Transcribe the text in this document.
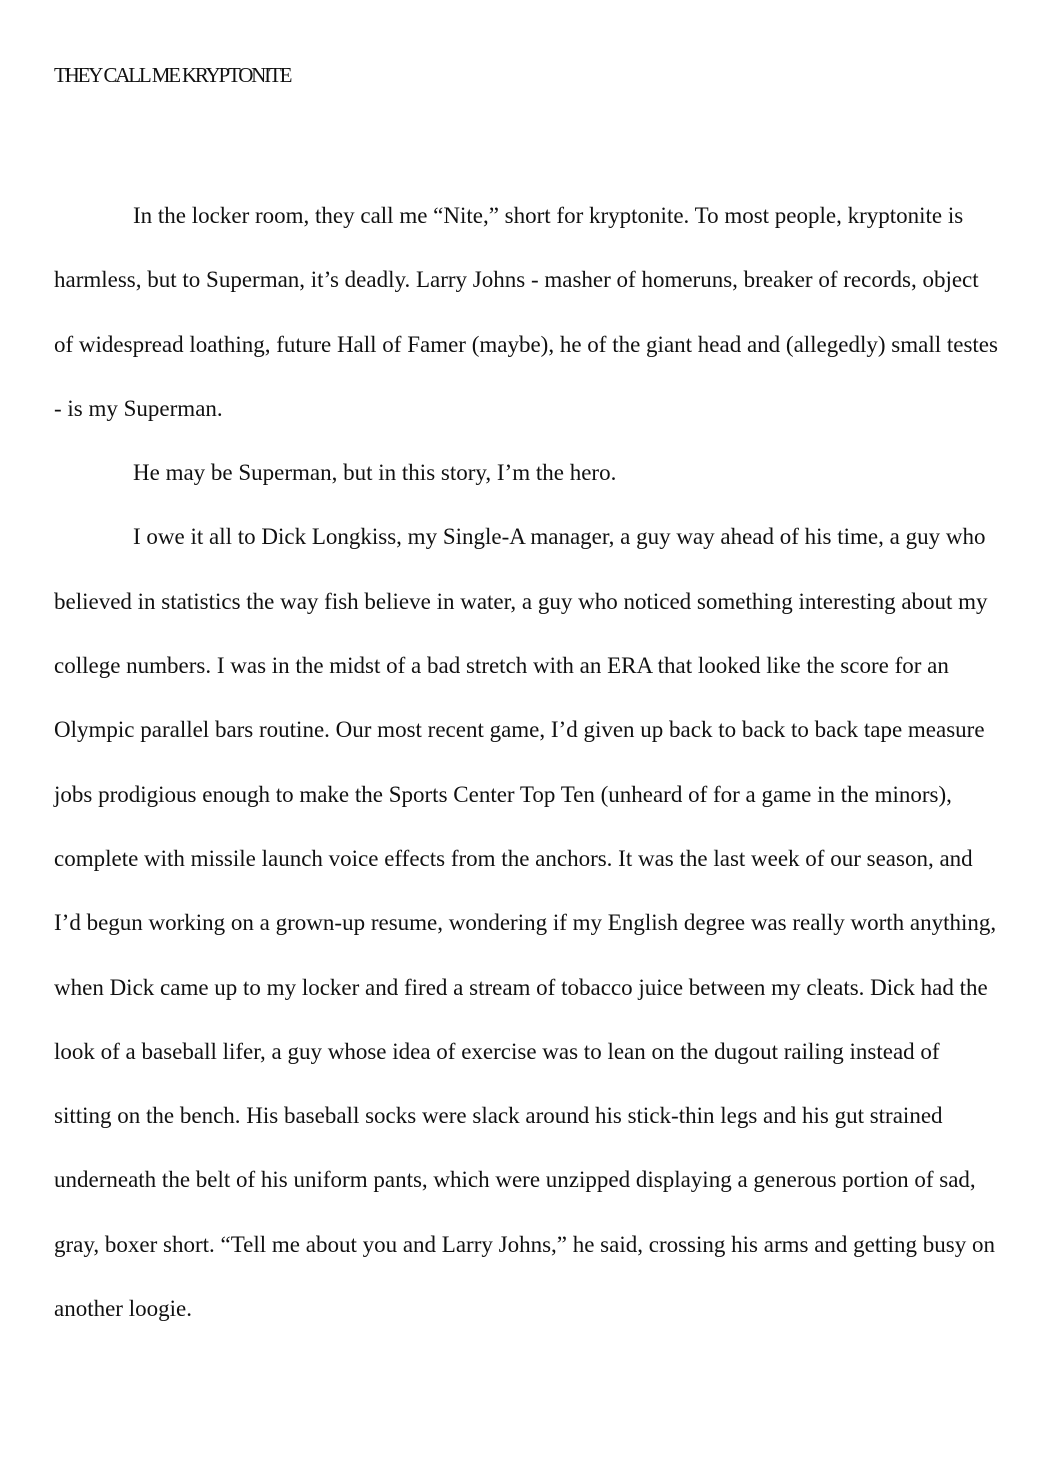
THEY CALL ME KRYPTONITE

In the locker room, they call me “Nite,” short for kryptonite. To most people, kryptonite is harmless, but to Superman, it’s deadly. Larry Johns - masher of homeruns, breaker of records, object of widespread loathing, future Hall of Famer (maybe), he of the giant head and (allegedly) small testes - is my Superman.

He may be Superman, but in this story, I’m the hero.

I owe it all to Dick Longkiss, my Single-A manager, a guy way ahead of his time, a guy who believed in statistics the way fish believe in water, a guy who noticed something interesting about my college numbers. I was in the midst of a bad stretch with an ERA that looked like the score for an Olympic parallel bars routine. Our most recent game, I’d given up back to back to back tape measure jobs prodigious enough to make the Sports Center Top Ten (unheard of for a game in the minors), complete with missile launch voice effects from the anchors. It was the last week of our season, and I’d begun working on a grown-up resume, wondering if my English degree was really worth anything, when Dick came up to my locker and fired a stream of tobacco juice between my cleats. Dick had the look of a baseball lifer, a guy whose idea of exercise was to lean on the dugout railing instead of sitting on the bench. His baseball socks were slack around his stick-thin legs and his gut strained underneath the belt of his uniform pants, which were unzipped displaying a generous portion of sad, gray, boxer short. “Tell me about you and Larry Johns,” he said, crossing his arms and getting busy on another loogie.
